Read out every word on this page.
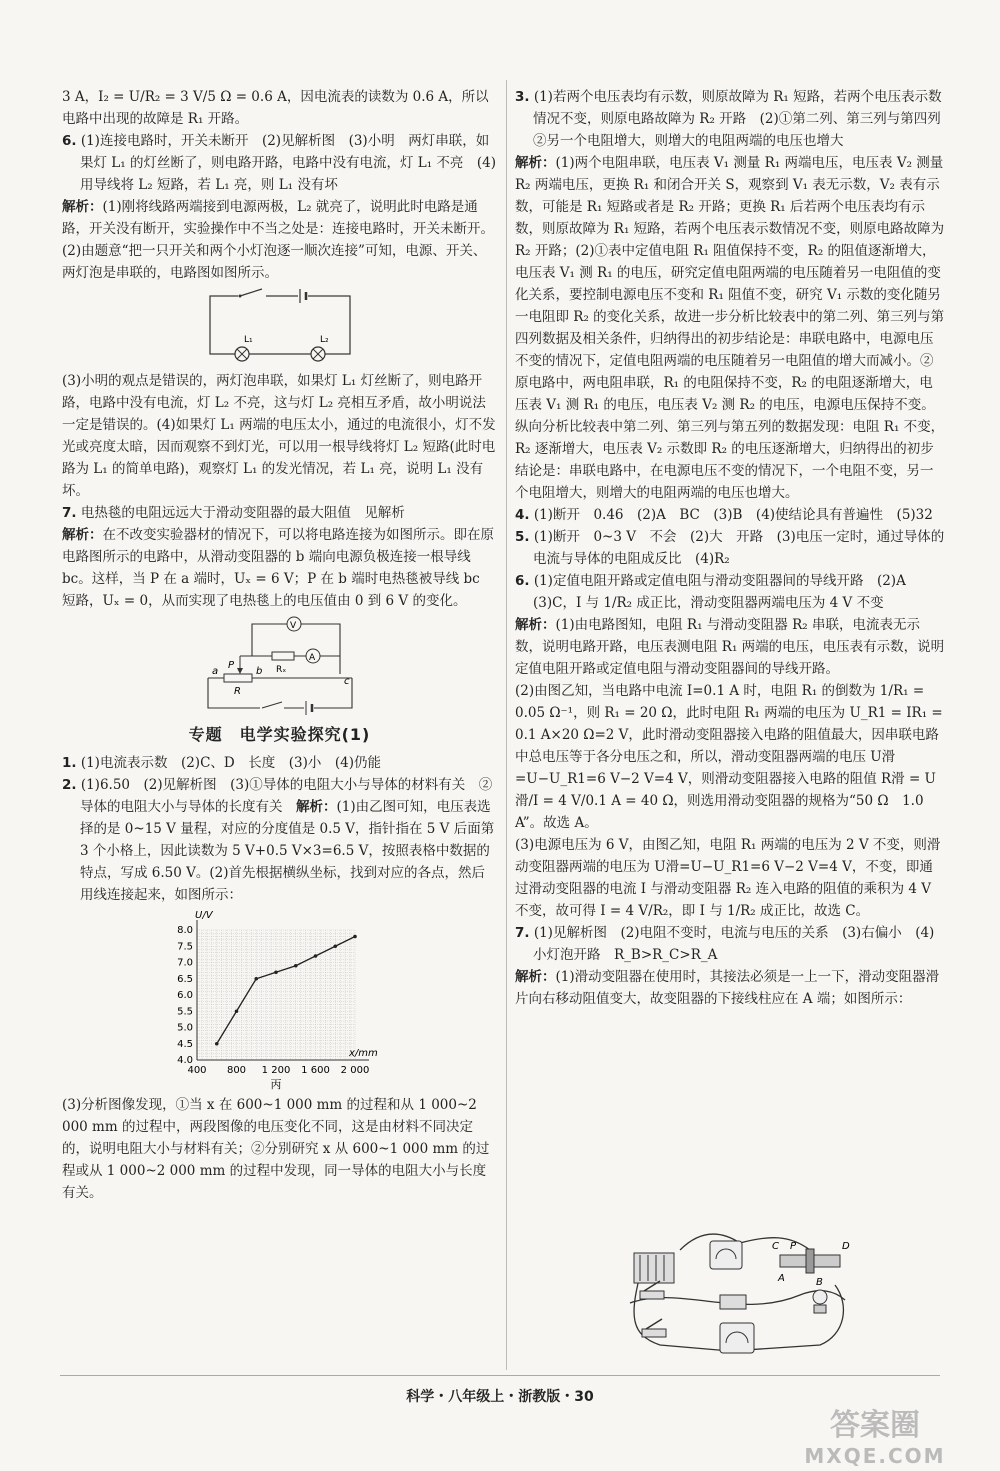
3 A，I₂ = U/R₂ = 3 V/5 Ω = 0.6 A，因电流表的读数为 0.6 A，所以电路中出现的故障是 R₁ 开路。

6. (1)连接电路时，开关未断开　(2)见解析图　(3)小明　两灯串联，如果灯 L₁ 的灯丝断了，则电路开路，电路中没有电流，灯 L₁ 不亮　(4)用导线将 L₂ 短路，若 L₁ 亮，则 L₁ 没有坏

解析：(1)刚将线路两端接到电源两极，L₂ 就亮了，说明此时电路是通路，开关没有断开，实验操作中不当之处是：连接电路时，开关未断开。(2)由题意“把一只开关和两个小灯泡逐一顺次连接”可知，电源、开关、两灯泡是串联的，电路图如图所示。

L₁	L₂

(3)小明的观点是错误的，两灯泡串联，如果灯 L₁ 灯丝断了，则电路开路，电路中没有电流，灯 L₂ 不亮，这与灯 L₂ 亮相互矛盾，故小明说法一定是错误的。(4)如果灯 L₁ 两端的电压太小，通过的电流很小，灯不发光或亮度太暗，因而观察不到灯光，可以用一根导线将灯 L₂ 短路(此时电路为 L₁ 的简单电路)，观察灯 L₁ 的发光情况，若 L₁ 亮，说明 L₁ 没有坏。

7. 电热毯的电阻远远大于滑动变阻器的最大阻值　见解析

解析：在不改变实验器材的情况下，可以将电路连接为如图所示。即在原电路图所示的电路中，从滑动变阻器的 b 端向电源负极连接一根导线 bc。这样，当 P 在 a 端时，Uₓ = 6 V；P 在 b 端时电热毯被导线 bc 短路，Uₓ = 0，从而实现了电热毯上的电压值由 0 到 6 V 的变化。

V
Rₓ
A
P
a	b
c
R
专题　电学实验探究(1)

1. (1)电流表示数　(2)C、D　长度　(3)小　(4)仍能

2. (1)6.50　(2)见解析图　(3)①导体的电阻大小与导体的材料有关　②导体的电阻大小与导体的长度有关　解析：(1)由乙图可知，电压表选择的是 0~15 V 量程，对应的分度值是 0.5 V，指针指在 5 V 后面第 3 个小格上，因此读数为 5 V+0.5 V×3=6.5 V，按照表格中数据的特点，写成 6.50 V。(2)首先根据横纵坐标，找到对应的各点，然后用线连接起来，如图所示：

4.0
4.5
5.0
5.5
6.0
6.5
7.0
7.5
8.0
400 800 1 200 1 600 2 000
U/V
x/mm
丙

(3)分析图像发现，①当 x 在 600~1 000 mm 的过程和从 1 000~2 000 mm 的过程中，两段图像的电压变化不同，这是由材料不同决定的，说明电阻大小与材料有关；②分别研究 x 从 600~1 000 mm 的过程或从 1 000~2 000 mm 的过程中发现，同一导体的电阻大小与长度有关。

3. (1)若两个电压表均有示数，则原故障为 R₁ 短路，若两个电压表示数情况不变，则原电路故障为 R₂ 开路　(2)①第二列、第三列与第四列　②另一个电阻增大，则增大的电阻两端的电压也增大

解析：(1)两个电阻串联，电压表 V₁ 测量 R₁ 两端电压，电压表 V₂ 测量 R₂ 两端电压，更换 R₁ 和闭合开关 S，观察到 V₁ 表无示数，V₂ 表有示数，可能是 R₁ 短路或者是 R₂ 开路；更换 R₁ 后若两个电压表均有示数，则原故障为 R₁ 短路，若两个电压表示数情况不变，则原电路故障为 R₂ 开路；(2)①表中定值电阻 R₁ 阻值保持不变，R₂ 的阻值逐渐增大，电压表 V₁ 测 R₁ 的电压，研究定值电阻两端的电压随着另一电阻值的变化关系，要控制电源电压不变和 R₁ 阻值不变，研究 V₁ 示数的变化随另一电阻即 R₂ 的变化关系，故进一步分析比较表中的第二列、第三列与第四列数据及相关条件，归纳得出的初步结论是：串联电路中，电源电压不变的情况下，定值电阻两端的电压随着另一电阻值的增大而减小。②原电路中，两电阻串联，R₁ 的电阻保持不变，R₂ 的电阻逐渐增大，电压表 V₁ 测 R₁ 的电压，电压表 V₂ 测 R₂ 的电压，电源电压保持不变。纵向分析比较表中第二列、第三列与第五列的数据发现：电阻 R₁ 不变，R₂ 逐渐增大，电压表 V₂ 示数即 R₂ 的电压逐渐增大，归纳得出的初步结论是：串联电路中，在电源电压不变的情况下，一个电阻不变，另一个电阻增大，则增大的电阻两端的电压也增大。

4. (1)断开　0.46　(2)A　BC　(3)B　(4)使结论具有普遍性　(5)32

5. (1)断开　0~3 V　不会　(2)大　开路　(3)电压一定时，通过导体的电流与导体的电阻成反比　(4)R₂

6. (1)定值电阻开路或定值电阻与滑动变阻器间的导线开路　(2)A　(3)C，I 与 1/R₂ 成正比，滑动变阻器两端电压为 4 V 不变

解析：(1)由电路图知，电阻 R₁ 与滑动变阻器 R₂ 串联，电流表无示数，说明电路开路，电压表测电阻 R₁ 两端的电压，电压表有示数，说明定值电阻开路或定值电阻与滑动变阻器间的导线开路。

(2)由图乙知，当电路中电流 I=0.1 A 时，电阻 R₁ 的倒数为 1/R₁ = 0.05 Ω⁻¹，则 R₁ = 20 Ω，此时电阻 R₁ 两端的电压为 U_R1 = IR₁ = 0.1 A×20 Ω=2 V，此时滑动变阻器接入电路的阻值最大，因串联电路中总电压等于各分电压之和，所以，滑动变阻器两端的电压 U滑=U−U_R1=6 V−2 V=4 V，则滑动变阻器接入电路的阻值 R滑 = U滑/I = 4 V/0.1 A = 40 Ω，则选用滑动变阻器的规格为“50 Ω　1.0 A”。故选 A。

(3)电源电压为 6 V，由图乙知，电阻 R₁ 两端的电压为 2 V 不变，则滑动变阻器两端的电压为 U滑=U−U_R1=6 V−2 V=4 V，不变，即通过滑动变阻器的电流 I 与滑动变阻器 R₂ 连入电路的阻值的乘积为 4 V 不变，故可得 I = 4 V/R₂，即 I 与 1/R₂ 成正比，故选 C。

7. (1)见解析图　(2)电阻不变时，电流与电压的关系　(3)右偏小　(4)小灯泡开路　R_B>R_C>R_A

解析：(1)滑动变阻器在使用时，其接法必须是一上一下，滑动变阻器滑片向右移动阻值变大，故变阻器的下接线柱应在 A 端；如图所示：

C P	D
A	B
科学・八年级上・浙教版・30
答案圈
MXQE.COM
